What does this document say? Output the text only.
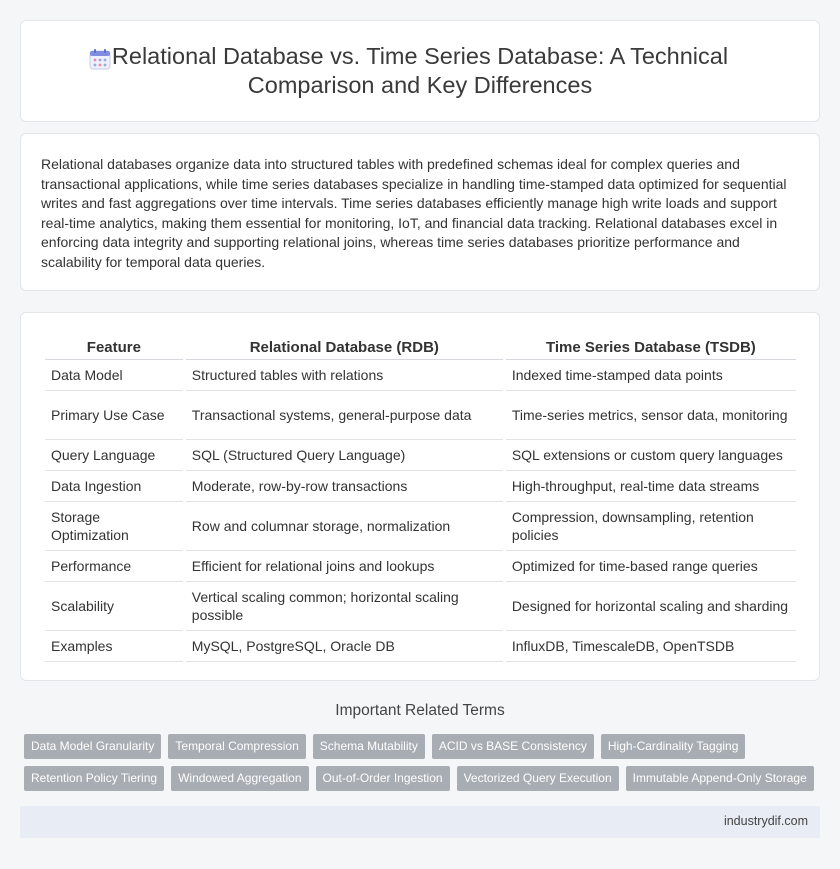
Relational Database vs. Time Series Database: A Technical Comparison and Key Differences

Relational databases organize data into structured tables with predefined schemas ideal for complex queries and transactional applications, while time series databases specialize in handling time-stamped data optimized for sequential writes and fast aggregations over time intervals. Time series databases efficiently manage high write loads and support real-time analytics, making them essential for monitoring, IoT, and financial data tracking. Relational databases excel in enforcing data integrity and supporting relational joins, whereas time series databases prioritize performance and scalability for temporal data queries.

Feature	Relational Database (RDB)	Time Series Database (TSDB)
Data Model	Structured tables with relations	Indexed time-stamped data points
Primary Use Case	Transactional systems, general-purpose data	Time-series metrics, sensor data, monitoring
Query Language	SQL (Structured Query Language)	SQL extensions or custom query languages
Data Ingestion	Moderate, row-by-row transactions	High-throughput, real-time data streams
Storage Optimization	Row and columnar storage, normalization	Compression, downsampling, retention policies
Performance	Efficient for relational joins and lookups	Optimized for time-based range queries
Scalability	Vertical scaling common; horizontal scaling possible	Designed for horizontal scaling and sharding
Examples	MySQL, PostgreSQL, Oracle DB	InfluxDB, TimescaleDB, OpenTSDB
Important Related Terms
Data Model Granularity	Temporal Compression	Schema Mutability	ACID vs BASE Consistency	High-Cardinality Tagging
Retention Policy Tiering	Windowed Aggregation	Out-of-Order Ingestion	Vectorized Query Execution	Immutable Append-Only Storage
industrydif.com
